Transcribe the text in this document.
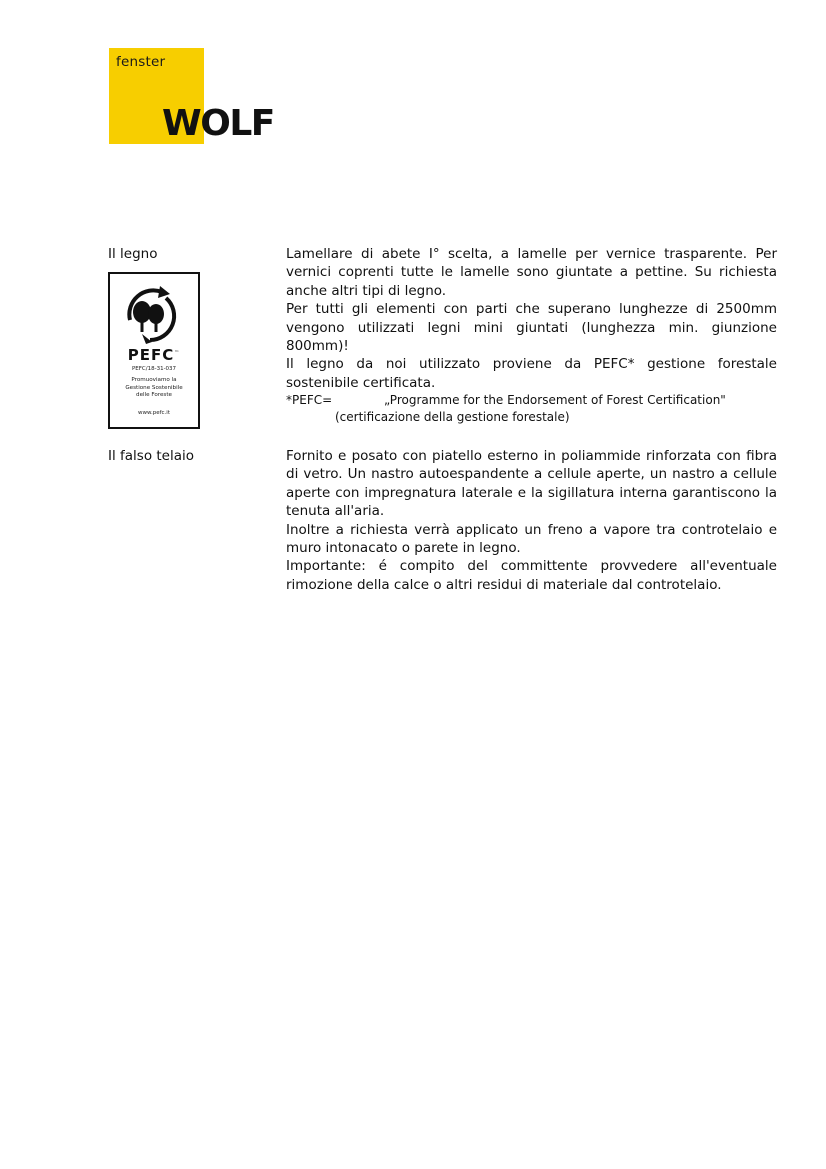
fenster
WOLF
Il legno
PEFC™
PEFC/18-31-037
Promuoviamo la
Gestione Sostenibile
delle Foreste
www.pefc.it

Lamellare di abete I° scelta, a lamelle per vernice trasparente. Per vernici coprenti tutte le lamelle sono giuntate a pettine. Su richiesta anche altri tipi di legno.

Per tutti gli elementi con parti che superano lunghezze di 2500mm vengono utilizzati legni mini giuntati (lunghezza min. giunzione 800mm)!

Il legno da noi utilizzato proviene da PEFC* gestione forestale sostenibile certificata.

*PEFC=	„Programme for the Endorsement of Forest Certification"
(certificazione della gestione forestale)
Il falso telaio	Fornito e posato con piatello esterno in poliammide rinforzata con fibra di vetro. Un nastro autoespandente a cellule aperte, un nastro a cellule aperte con impregnatura laterale e la sigillatura interna garantiscono la tenuta all'aria.

Inoltre a richiesta verrà applicato un freno a vapore tra controtelaio e muro intonacato o parete in legno.

Importante: é compito del committente provvedere all'eventuale rimozione della calce o altri residui di materiale dal controtelaio.
